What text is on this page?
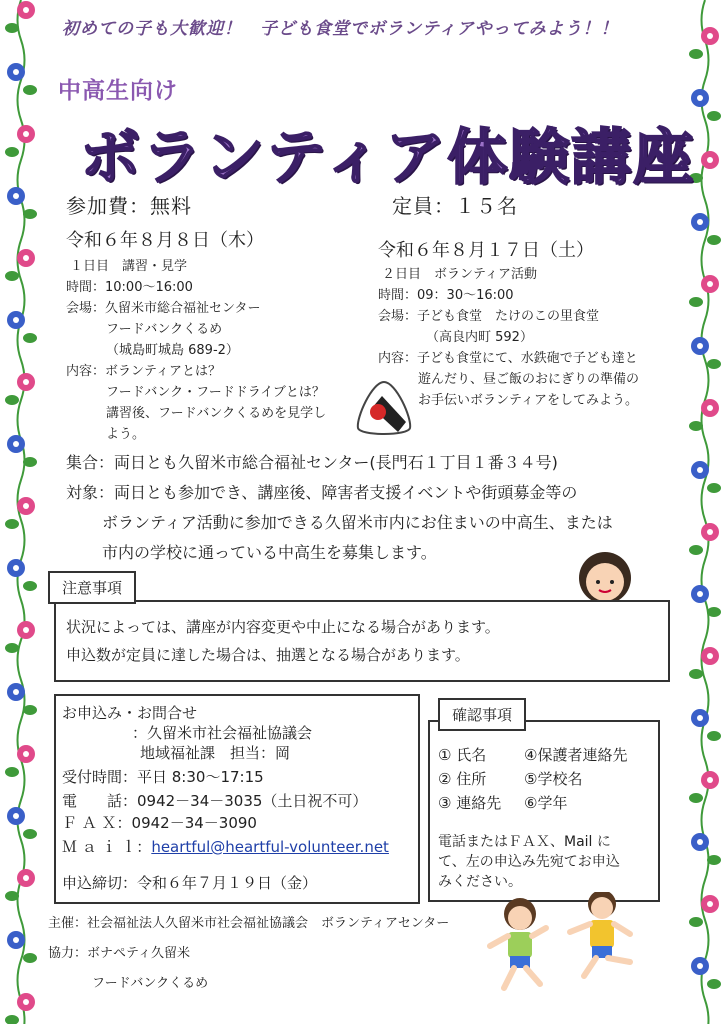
初めての子も大歓迎！　子ども食堂でボランティアやってみよう！！
中高生向け
ボランティア体験講座
参加費：無料	定員：１５名
令和６年８月８日（木）
１日目　講習・見学
時間：10:00～16:00
会場：久留米市総合福祉センター
フードバンクくるめ
（城島町城島 689-2）
内容：ボランティアとは？
フードバンク・フードドライブとは？
講習後、フードバンクくるめを見学し
よう。
令和６年８月１７日（土）
２日目　ボランティア活動
時間：09：30～16:00
会場：子ども食堂　たけのこの里食堂
（高良内町 592）
内容：子ども食堂にて、水鉄砲で子ども達と
遊んだり、昼ご飯のおにぎりの準備の
お手伝いボランティアをしてみよう。
集合：両日とも久留米市総合福祉センター(長門石１丁目１番３４号)
対象：両日とも参加でき、講座後、障害者支援イベントや街頭募金等の
ボランティア活動に参加できる久留米市内にお住まいの中高生、または
市内の学校に通っている中高生を募集します。
状況によっては、講座が内容変更や中止になる場合があります。
申込数が定員に達した場合は、抽選となる場合があります。
注意事項
お申込み・お問合せ
：久留米市社会福祉協議会
地域福祉課　担当：岡
受付時間：平日 8:30～17:15
電　　話：0942－34－3035（土日祝不可）
Ｆ Ａ Ｘ：0942－34－3090
Ｍ ａ ｉ ｌ：heartful@heartful-volunteer.net
申込締切：令和６年７月１９日（金）
① 氏名	④保護者連絡先
② 住所	⑤学校名
③ 連絡先 ⑥学年
電話またはＦＡＸ、Mail に
て、左の申込み先宛てお申込
みください。
確認事項
主催：社会福祉法人久留米市社会福祉協議会　ボランティアセンター
協力：ボナペティ久留米
フードバンクくるめ
